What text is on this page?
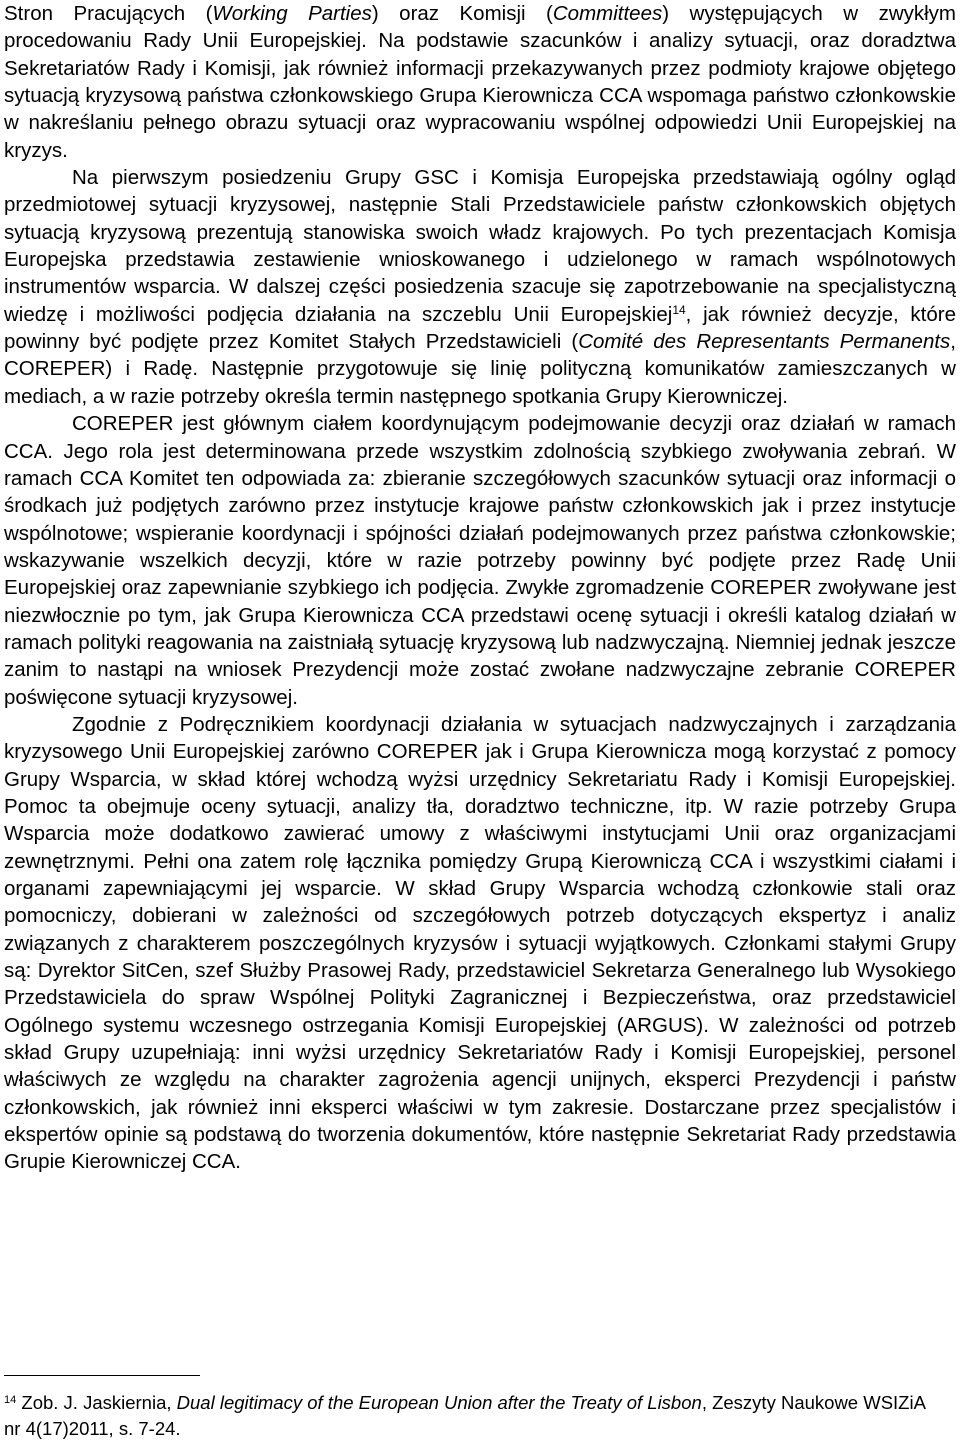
Stron Pracujących (Working Parties) oraz Komisji (Committees) występujących w zwykłym procedowaniu Rady Unii Europejskiej. Na podstawie szacunków i analizy sytuacji, oraz doradztwa Sekretariatów Rady i Komisji, jak również informacji przekazywanych przez podmioty krajowe objętego sytuacją kryzysową państwa członkowskiego Grupa Kierownicza CCA wspomaga państwo członkowskie w nakreślaniu pełnego obrazu sytuacji oraz wypracowaniu wspólnej odpowiedzi Unii Europejskiej na kryzys.

Na pierwszym posiedzeniu Grupy GSC i Komisja Europejska przedstawiają ogólny ogląd przedmiotowej sytuacji kryzysowej, następnie Stali Przedstawiciele państw członkowskich objętych sytuacją kryzysową prezentują stanowiska swoich władz krajowych. Po tych prezentacjach Komisja Europejska przedstawia zestawienie wnioskowanego i udzielonego w ramach wspólnotowych instrumentów wsparcia. W dalszej części posiedzenia szacuje się zapotrzebowanie na specjalistyczną wiedzę i możliwości podjęcia działania na szczeblu Unii Europejskiej$^{14}$, jak również decyzje, które powinny być podjęte przez Komitet Stałych Przedstawicieli (Comité des Representants Permanents, COREPER) i Radę. Następnie przygotowuje się linię polityczną komunikatów zamieszczanych w mediach, a w razie potrzeby określa termin następnego spotkania Grupy Kierowniczej.

COREPER jest głównym ciałem koordynującym podejmowanie decyzji oraz działań w ramach CCA. Jego rola jest determinowana przede wszystkim zdolnością szybkiego zwoływania zebrań. W ramach CCA Komitet ten odpowiada za: zbieranie szczegółowych szacunków sytuacji oraz informacji o środkach już podjętych zarówno przez instytucje krajowe państw członkowskich jak i przez instytucje wspólnotowe; wspieranie koordynacji i spójności działań podejmowanych przez państwa członkowskie; wskazywanie wszelkich decyzji, które w razie potrzeby powinny być podjęte przez Radę Unii Europejskiej oraz zapewnianie szybkiego ich podjęcia. Zwykłe zgromadzenie COREPER zwoływane jest niezwłocznie po tym, jak Grupa Kierownicza CCA przedstawi ocenę sytuacji i określi katalog działań w ramach polityki reagowania na zaistniałą sytuację kryzysową lub nadzwyczajną. Niemniej jednak jeszcze zanim to nastąpi na wniosek Prezydencji może zostać zwołane nadzwyczajne zebranie COREPER poświęcone sytuacji kryzysowej.

Zgodnie z Podręcznikiem koordynacji działania w sytuacjach nadzwyczajnych i zarządzania kryzysowego Unii Europejskiej zarówno COREPER jak i Grupa Kierownicza mogą korzystać z pomocy Grupy Wsparcia, w skład której wchodzą wyżsi urzędnicy Sekretariatu Rady i Komisji Europejskiej. Pomoc ta obejmuje oceny sytuacji, analizy tła, doradztwo techniczne, itp. W razie potrzeby Grupa Wsparcia może dodatkowo zawierać umowy z właściwymi instytucjami Unii oraz organizacjami zewnętrznymi. Pełni ona zatem rolę łącznika pomiędzy Grupą Kierowniczą CCA i wszystkimi ciałami i organami zapewniającymi jej wsparcie. W skład Grupy Wsparcia wchodzą członkowie stali oraz pomocniczy, dobierani w zależności od szczegółowych potrzeb dotyczących ekspertyz i analiz związanych z charakterem poszczególnych kryzysów i sytuacji wyjątkowych. Członkami stałymi Grupy są: Dyrektor SitCen, szef Służby Prasowej Rady, przedstawiciel Sekretarza Generalnego lub Wysokiego Przedstawiciela do spraw Wspólnej Polityki Zagranicznej i Bezpieczeństwa, oraz przedstawiciel Ogólnego systemu wczesnego ostrzegania Komisji Europejskiej (ARGUS). W zależności od potrzeb skład Grupy uzupełniają: inni wyżsi urzędnicy Sekretariatów Rady i Komisji Europejskiej, personel właściwych ze względu na charakter zagrożenia agencji unijnych, eksperci Prezydencji i państw członkowskich, jak również inni eksperci właściwi w tym zakresie. Dostarczane przez specjalistów i ekspertów opinie są podstawą do tworzenia dokumentów, które następnie Sekretariat Rady przedstawia Grupie Kierowniczej CCA.

$^{14}$ Zob. J. Jaskiernia, Dual legitimacy of the European Union after the Treaty of Lisbon, Zeszyty Naukowe WSIZiA nr 4(17)2011, s. 7-24.
